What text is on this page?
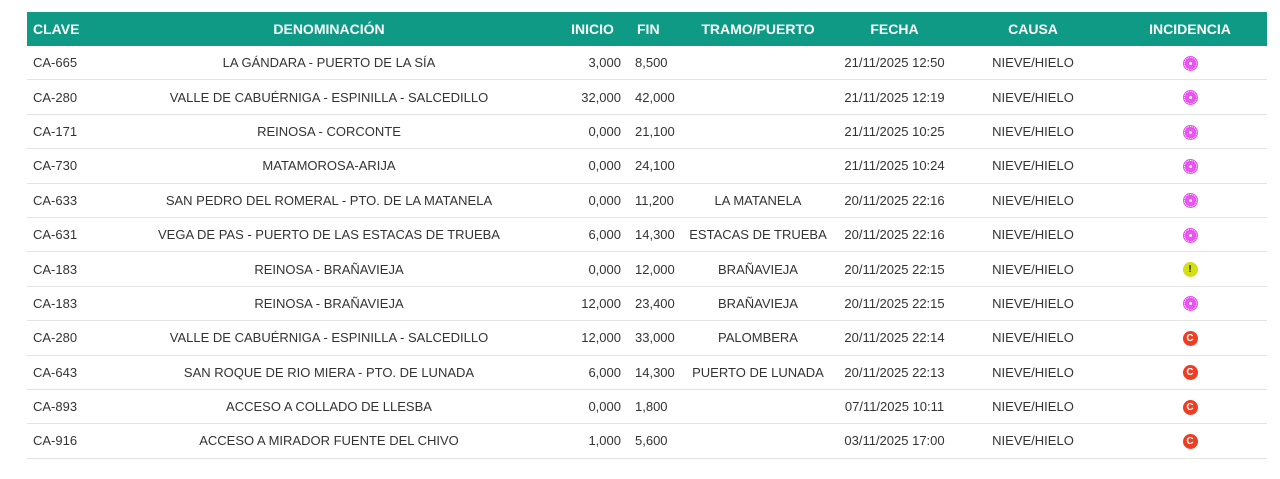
CLAVE	DENOMINACIÓN	INICIO	FIN	TRAMO/PUERTO	FECHA	CAUSA	INCIDENCIA
CA-665	LA GÁNDARA - PUERTO DE LA SÍA	3,000	8,500		21/11/2025 12:50	NIEVE/HIELO	
CA-280	VALLE DE CABUÉRNIGA - ESPINILLA - SALCEDILLO	32,000	42,000		21/11/2025 12:19	NIEVE/HIELO	
CA-171	REINOSA - CORCONTE	0,000	21,100		21/11/2025 10:25	NIEVE/HIELO	
CA-730	MATAMOROSA-ARIJA	0,000	24,100		21/11/2025 10:24	NIEVE/HIELO	
CA-633	SAN PEDRO DEL ROMERAL - PTO. DE LA MATANELA	0,000	11,200	LA MATANELA	20/11/2025 22:16	NIEVE/HIELO	
CA-631	VEGA DE PAS - PUERTO DE LAS ESTACAS DE TRUEBA	6,000	14,300	ESTACAS DE TRUEBA	20/11/2025 22:16	NIEVE/HIELO	
CA-183	REINOSA - BRAÑAVIEJA	0,000	12,000	BRAÑAVIEJA	20/11/2025 22:15	NIEVE/HIELO	!
CA-183	REINOSA - BRAÑAVIEJA	12,000	23,400	BRAÑAVIEJA	20/11/2025 22:15	NIEVE/HIELO	
CA-280	VALLE DE CABUÉRNIGA - ESPINILLA - SALCEDILLO	12,000	33,000	PALOMBERA	20/11/2025 22:14	NIEVE/HIELO	C
CA-643	SAN ROQUE DE RIO MIERA - PTO. DE LUNADA	6,000	14,300	PUERTO DE LUNADA	20/11/2025 22:13	NIEVE/HIELO	C
CA-893	ACCESO A COLLADO DE LLESBA	0,000	1,800		07/11/2025 10:11	NIEVE/HIELO	C
CA-916	ACCESO A MIRADOR FUENTE DEL CHIVO	1,000	5,600		03/11/2025 17:00	NIEVE/HIELO	C
